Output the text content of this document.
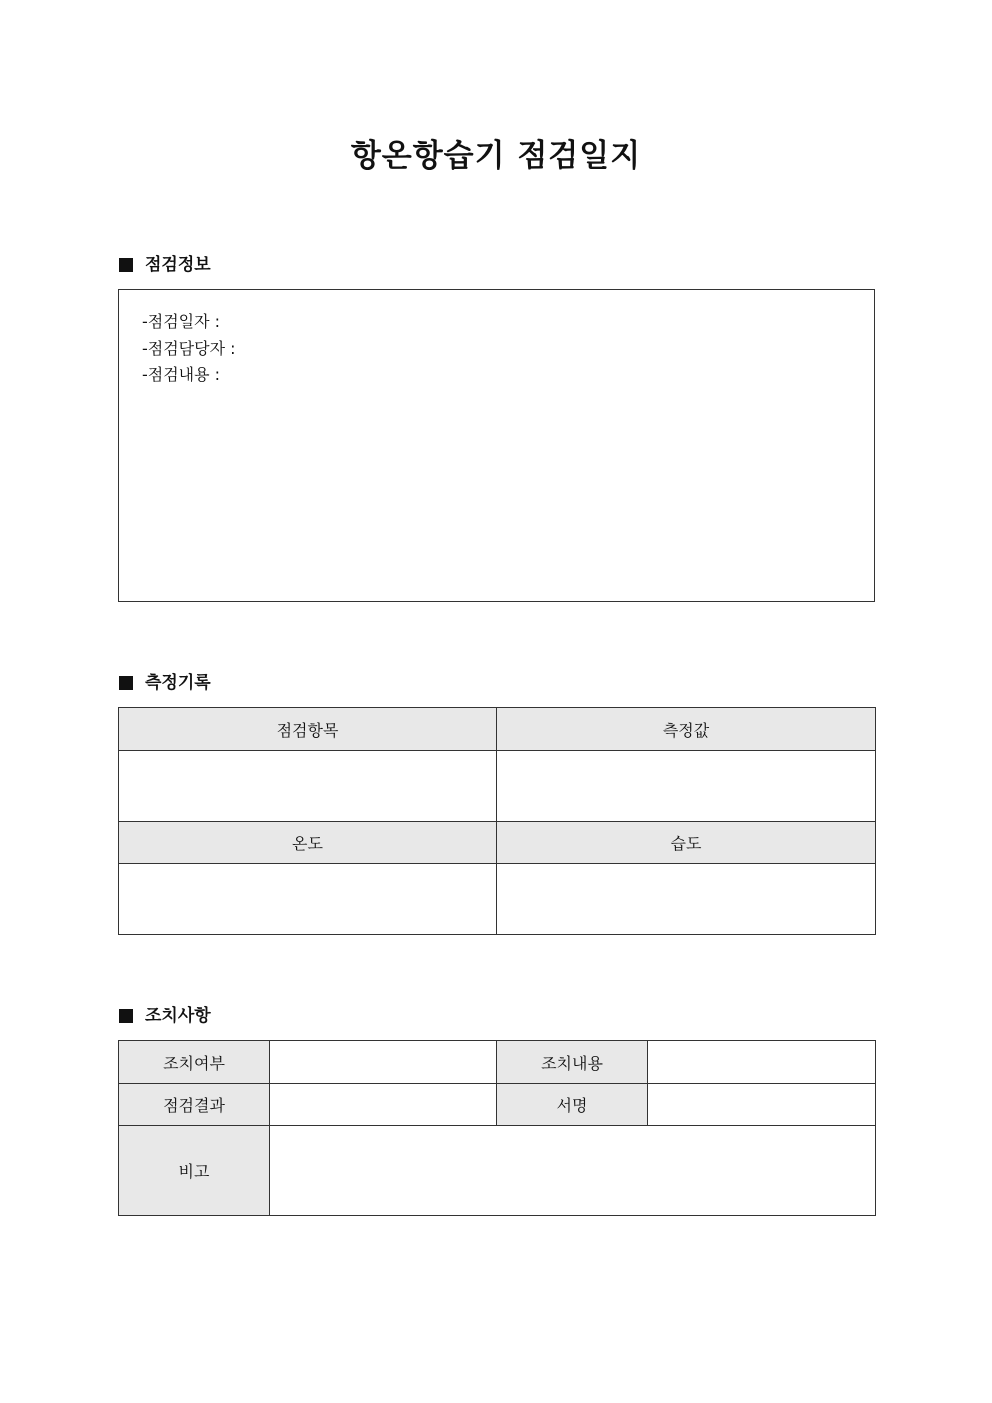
항온항습기 점검일지
점검정보
-점검일자 :
-점검담당자 :
-점검내용 :
측정기록
점검항목	측정값

온도	습도

조치사항
조치여부		조치내용	
점검결과		서명	
비고			
